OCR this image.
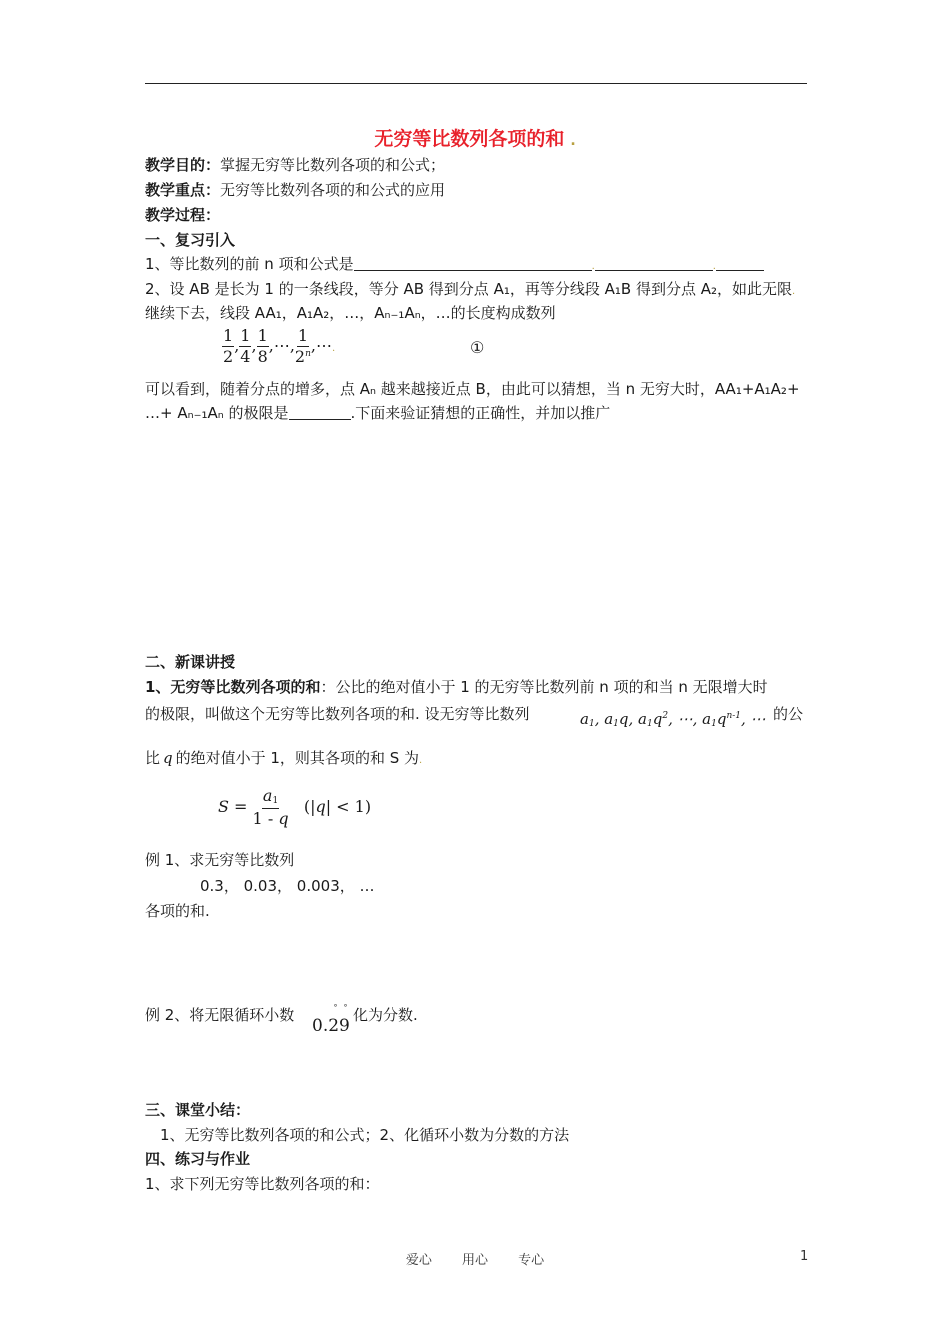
无穷等比数列各项的和 .
教学目的：掌握无穷等比数列各项的和公式；
教学重点：无穷等比数列各项的和公式的应用
教学过程：
一、复习引入
1、等比数列的前 n 项和公式是	.	.
2、设 AB 是长为 1 的一条线段，等分 AB 得到分点 A₁，再等分线段 A₁B 得到分点 A₂，如此无限.
继续下去，线段 AA₁，A₁A₂，…，Aₙ₋₁Aₙ，…的长度构成数列
$\frac{1}{2}$ , $\frac{1}{4}$ , $\frac{1}{8}$ ,⋯, $\frac{1}{2^n}$ ,⋯.	①
可以看到，随着分点的增多，点 Aₙ 越来越接近点 B，由此可以猜想，当 n 无穷大时，AA₁+A₁A₂+
…+ Aₙ₋₁Aₙ 的极限是	.下面来验证猜想的正确性，并加以推广
二、新课讲授
1、无穷等比数列各项的和：公比的绝对值小于 1 的无穷等比数列前 n 项的和当 n 无限增大时
的极限，叫做这个无穷等比数列各项的和. 设无穷等比数列	$a_1$, $a_1q$, $a_1q^2$, ⋯, $a_1q^{n-1}$, ⋯ 的公
比 q 的绝对值小于 1，则其各项的和 S 为.
$S = \frac{a_1}{1 - q} (|q| < 1)$
例 1、求无穷等比数列
0.3， 0.03， 0.003， …
各项的和.
例 2、将无限循环小数
0.29
˚˚ 化为分数.
三、课堂小结：
1、无穷等比数列各项的和公式；2、化循环小数为分数的方法
四、练习与作业
1、求下列无穷等比数列各项的和：
爱心 用心 专心	1
